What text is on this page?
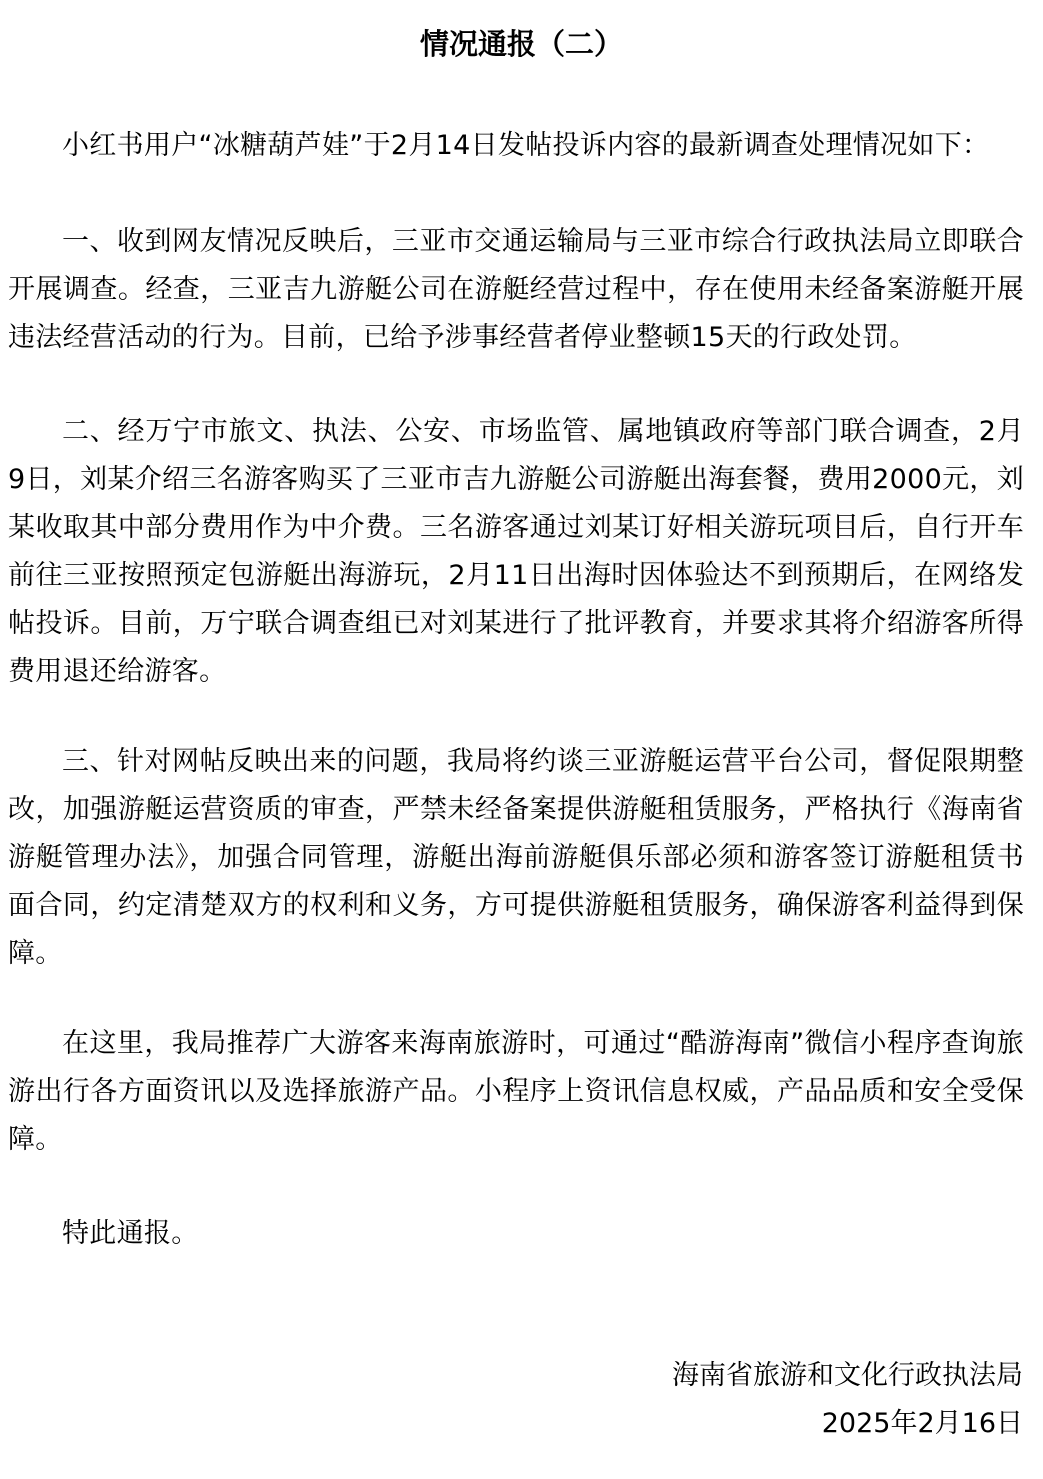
情况通报（二）

小红书用户“冰糖葫芦娃”于2月14日发帖投诉内容的最新调查处理情况如下：

一、收到网友情况反映后，三亚市交通运输局与三亚市综合行政执法局立即联合开展调查。经查，三亚吉九游艇公司在游艇经营过程中，存在使用未经备案游艇开展违法经营活动的行为。目前，已给予涉事经营者停业整顿15天的行政处罚。

二、经万宁市旅文、执法、公安、市场监管、属地镇政府等部门联合调查，2月9日，刘某介绍三名游客购买了三亚市吉九游艇公司游艇出海套餐，费用2000元，刘某收取其中部分费用作为中介费。三名游客通过刘某订好相关游玩项目后，自行开车前往三亚按照预定包游艇出海游玩，2月11日出海时因体验达不到预期后，在网络发帖投诉。目前，万宁联合调查组已对刘某进行了批评教育，并要求其将介绍游客所得费用退还给游客。

三、针对网帖反映出来的问题，我局将约谈三亚游艇运营平台公司，督促限期整改，加强游艇运营资质的审查，严禁未经备案提供游艇租赁服务，严格执行《海南省游艇管理办法》，加强合同管理，游艇出海前游艇俱乐部必须和游客签订游艇租赁书面合同，约定清楚双方的权利和义务，方可提供游艇租赁服务，确保游客利益得到保障。

在这里，我局推荐广大游客来海南旅游时，可通过“酷游海南”微信小程序查询旅游出行各方面资讯以及选择旅游产品。小程序上资讯信息权威，产品品质和安全受保障。

特此通报。

海南省旅游和文化行政执法局
2025年2月16日
